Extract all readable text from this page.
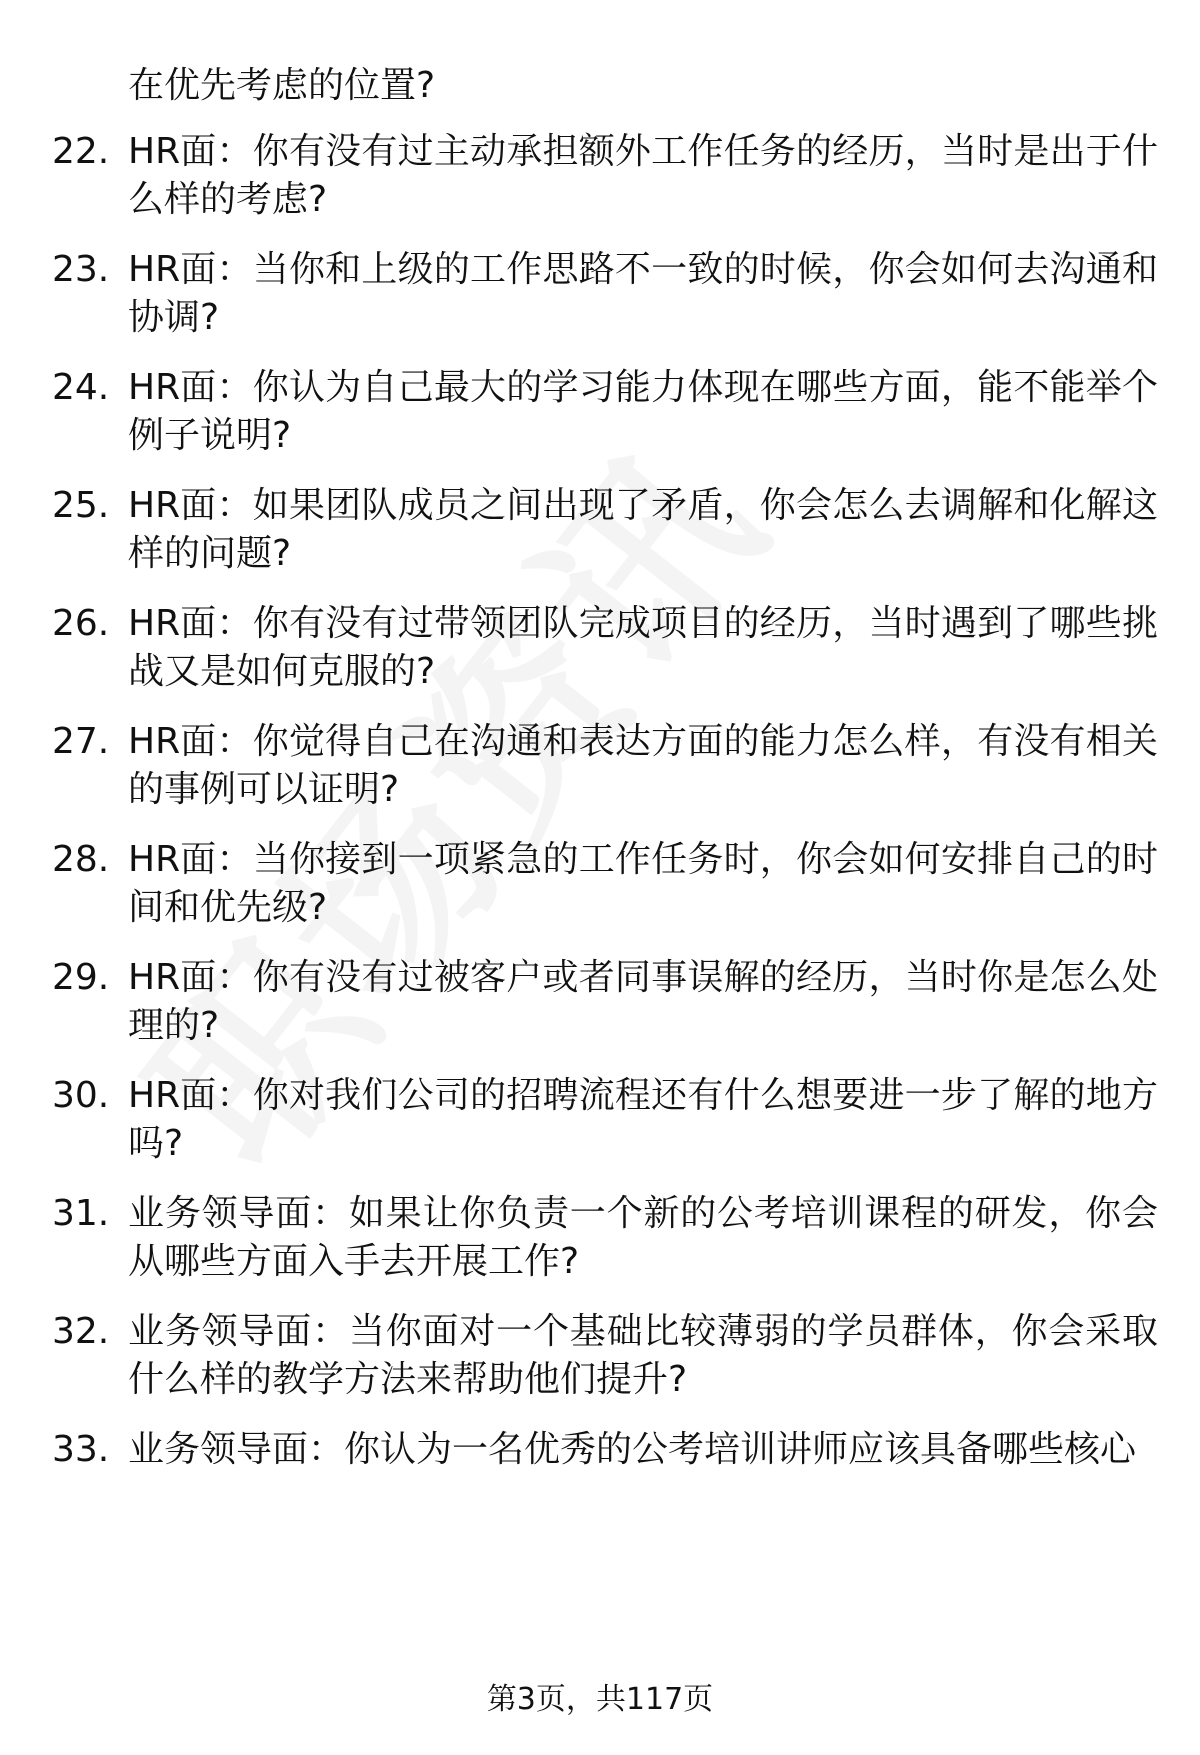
在优先考虑的位置?
22. HR面：你有没有过主动承担额外工作任务的经历，当时是出于什么样的考虑?
23. HR面：当你和上级的工作思路不一致的时候，你会如何去沟通和协调?
24. HR面：你认为自己最大的学习能力体现在哪些方面，能不能举个例子说明?
25. HR面：如果团队成员之间出现了矛盾，你会怎么去调解和化解这样的问题?
26. HR面：你有没有过带领团队完成项目的经历，当时遇到了哪些挑战又是如何克服的?
27. HR面：你觉得自己在沟通和表达方面的能力怎么样，有没有相关的事例可以证明?
28. HR面：当你接到一项紧急的工作任务时，你会如何安排自己的时间和优先级?
29. HR面：你有没有过被客户或者同事误解的经历，当时你是怎么处理的?
30. HR面：你对我们公司的招聘流程还有什么想要进一步了解的地方吗?
31. 业务领导面：如果让你负责一个新的公考培训课程的研发，你会从哪些方面入手去开展工作?
32. 业务领导面：当你面对一个基础比较薄弱的学员群体，你会采取什么样的教学方法来帮助他们提升?
33. 业务领导面：你认为一名优秀的公考培训讲师应该具备哪些核心
第3页，共117页
